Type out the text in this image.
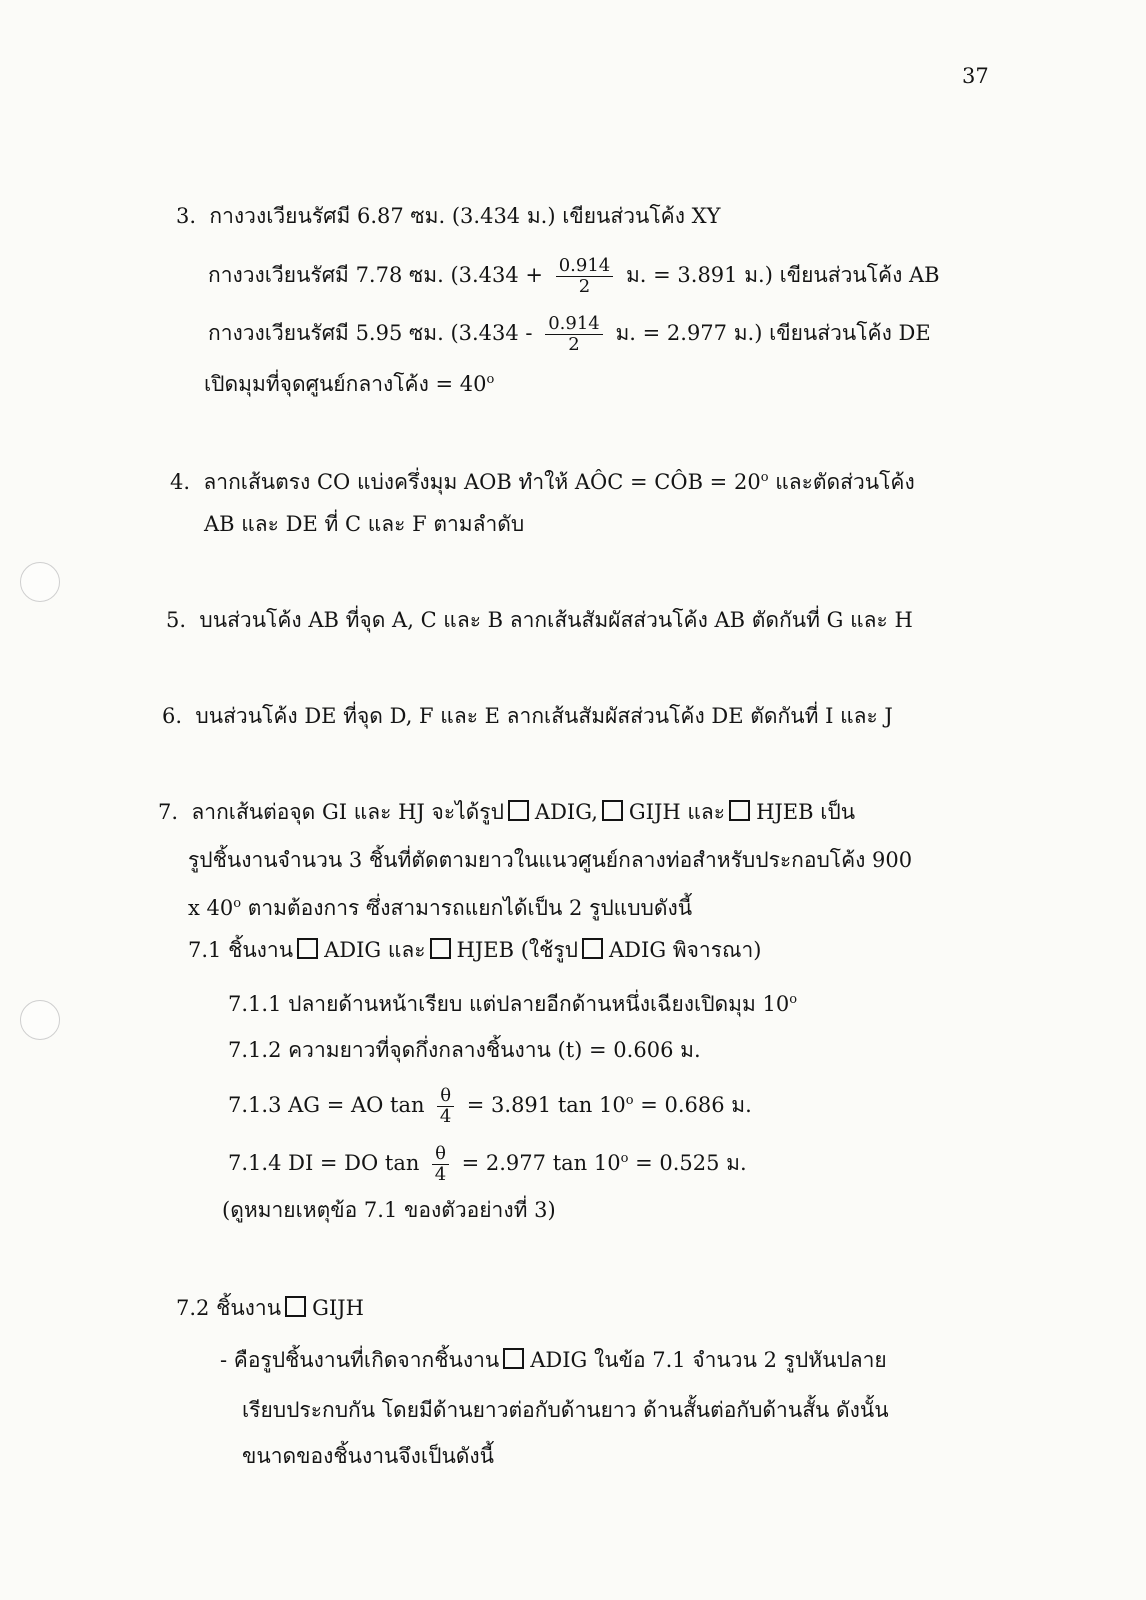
37
3. กางวงเวียนรัศมี 6.87 ซม. (3.434 ม.) เขียนส่วนโค้ง XY
กางวงเวียนรัศมี 7.78 ซม. ($3.434 + \frac{0.914}{2}$ ม. = 3.891 ม.) เขียนส่วนโค้ง AB
กางวงเวียนรัศมี 5.95 ซม. ($3.434 - \frac{0.914}{2}$ ม. = 2.977 ม.) เขียนส่วนโค้ง DE
เปิดมุมที่จุดศูนย์กลางโค้ง = $40^o$
4. ลากเส้นตรง CO แบ่งครึ่งมุม AOB ทำให้ AÔC = CÔB = $20^o$ และตัดส่วนโค้ง
AB และ DE ที่ C และ F ตามลำดับ
5. บนส่วนโค้ง AB ที่จุด A, C และ B ลากเส้นสัมผัสส่วนโค้ง AB ตัดกันที่ G และ H
6. บนส่วนโค้ง DE ที่จุด D, F และ E ลากเส้นสัมผัสส่วนโค้ง DE ตัดกันที่ I และ J
7. ลากเส้นต่อจุด GI และ HJ จะได้รูป ADIG, GIJH และ HJEB เป็น
รูปชิ้นงานจำนวน 3 ชิ้นที่ตัดตามยาวในแนวศูนย์กลางท่อสำหรับประกอบโค้ง 900
x 40$^o$ ตามต้องการ ซึ่งสามารถแยกได้เป็น 2 รูปแบบดังนี้
7.1 ชิ้นงาน ADIG และ HJEB (ใช้รูป ADIG พิจารณา)
7.1.1 ปลายด้านหน้าเรียบ แต่ปลายอีกด้านหนึ่งเฉียงเปิดมุม 10$^o$
7.1.2 ความยาวที่จุดกึ่งกลางชิ้นงาน (t) = 0.606 ม.
7.1.3 AG = AO $\tan \frac{\theta}{4} = 3.891$ $\tan 10^o = 0.686$ ม.
7.1.4 DI = DO $\tan \frac{\theta}{4} = 2.977$ $\tan 10^o = 0.525$ ม.
(ดูหมายเหตุข้อ 7.1 ของตัวอย่างที่ 3)
7.2 ชิ้นงาน GIJH
- คือรูปชิ้นงานที่เกิดจากชิ้นงาน ADIG ในข้อ 7.1 จำนวน 2 รูปหันปลาย
เรียบประกบกัน โดยมีด้านยาวต่อกับด้านยาว ด้านสั้นต่อกับด้านสั้น ดังนั้น
ขนาดของชิ้นงานจึงเป็นดังนี้
